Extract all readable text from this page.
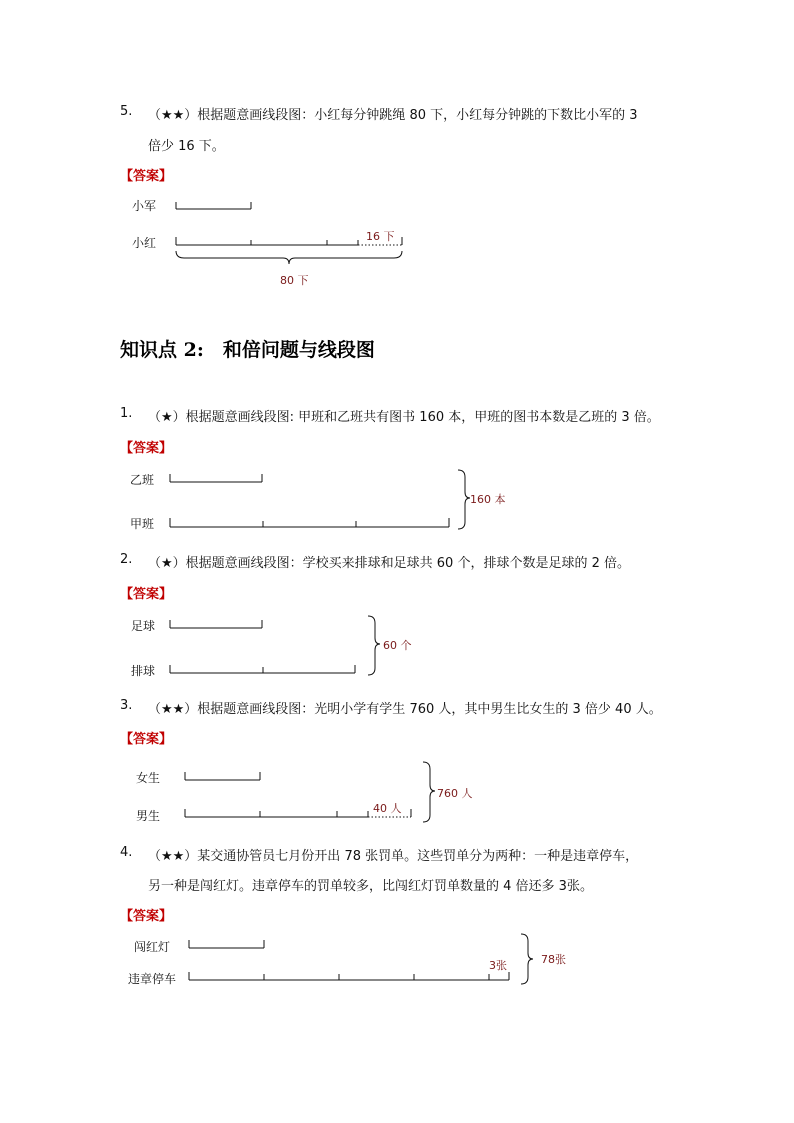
5. （★★）根据题意画线段图：小红每分钟跳绳 80 下，小红每分钟跳的下数比小军的 3
倍少 16 下。
【答案】
小军
小红	16 下
80 下
知识点 2:　和倍问题与线段图
1. （★）根据题意画线段图: 甲班和乙班共有图书 160 本，甲班的图书本数是乙班的 3 倍。
【答案】
乙班
甲班
160 本
2. （★）根据题意画线段图：学校买来排球和足球共 60 个，排球个数是足球的 2 倍。
【答案】
足球
排球
60 个
3. （★★）根据题意画线段图：光明小学有学生 760 人，其中男生比女生的 3 倍少 40 人。
【答案】
女生
男生
40 人
760 人
4. （★★）某交通协管员七月份开出 78 张罚单。这些罚单分为两种：一种是违章停车，
另一种是闯红灯。违章停车的罚单较多，比闯红灯罚单数量的 4 倍还多 3张。
【答案】
闯红灯
违章停车
3张	78张
